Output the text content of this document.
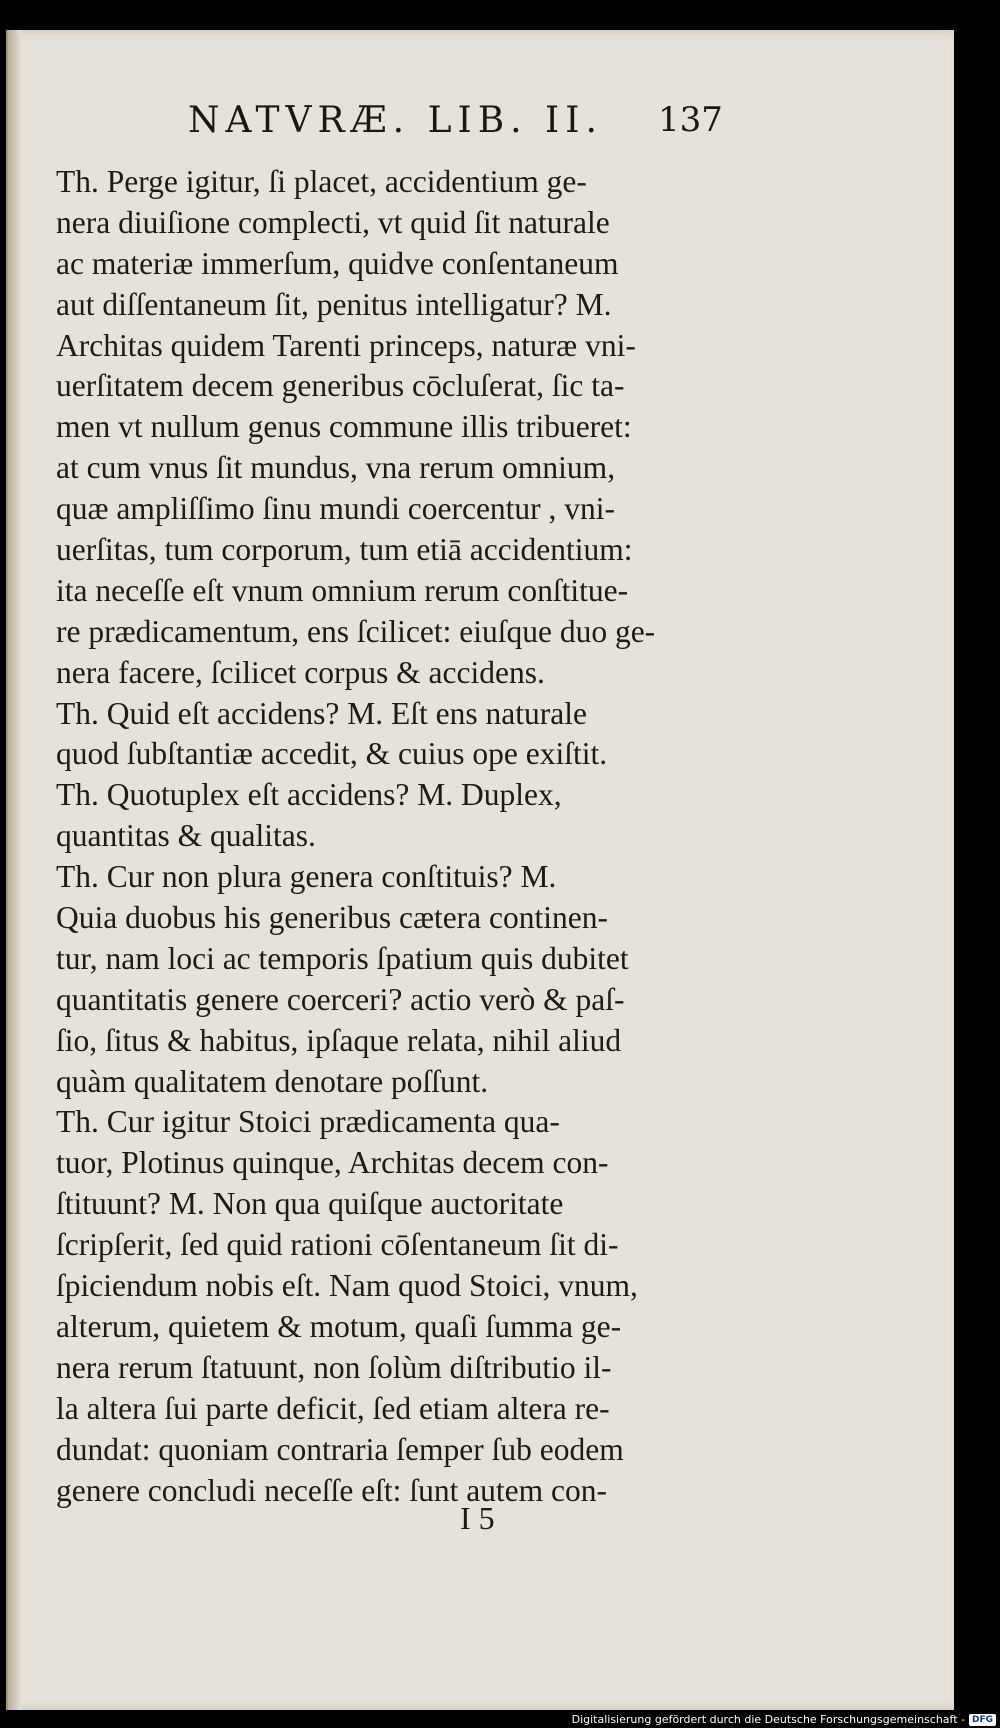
NATVRÆ. LIB. II. 137
Th. Perge igitur, ſi placet, accidentium ge-
nera diuiſione complecti, vt quid ſit naturale
ac materiæ immerſum, quidve conſentaneum
aut diſſentaneum ſit, penitus intelligatur? M.
Architas quidem Tarenti princeps, naturæ vni-
uerſitatem decem generibus cōcluſerat, ſic ta-
men vt nullum genus commune illis tribueret:
at cum vnus ſit mundus, vna rerum omnium,
quæ ampliſſimo ſinu mundi coercentur , vni-
uerſitas, tum corporum, tum etiā accidentium:
ita neceſſe eſt vnum omnium rerum conſtitue-
re prædicamentum, ens ſcilicet: eiuſque duo ge-
nera facere, ſcilicet corpus & accidens.
Th. Quid eſt accidens? M. Eſt ens naturale
quod ſubſtantiæ accedit, & cuius ope exiſtit.
Th. Quotuplex eſt accidens? M. Duplex,
quantitas & qualitas.
Th. Cur non plura genera conſtituis? M.
Quia duobus his generibus cætera continen-
tur, nam loci ac temporis ſpatium quis dubitet
quantitatis genere coerceri? actio verò & paſ-
ſio, ſitus & habitus, ipſaque relata, nihil aliud
quàm qualitatem denotare poſſunt.
Th. Cur igitur Stoici prædicamenta qua-
tuor, Plotinus quinque, Architas decem con-
ſtituunt? M. Non qua quiſque auctoritate
ſcripſerit, ſed quid rationi cōſentaneum ſit di-
ſpiciendum nobis eſt. Nam quod Stoici, vnum,
alterum, quietem & motum, quaſi ſumma ge-
nera rerum ſtatuunt, non ſolùm diſtributio il-
la altera ſui parte deficit, ſed etiam altera re-
dundat: quoniam contraria ſemper ſub eodem
genere concludi neceſſe eſt: ſunt autem con-
I 5
Digitalisierung gefördert durch die Deutsche Forschungsgemeinschaft - DFG
